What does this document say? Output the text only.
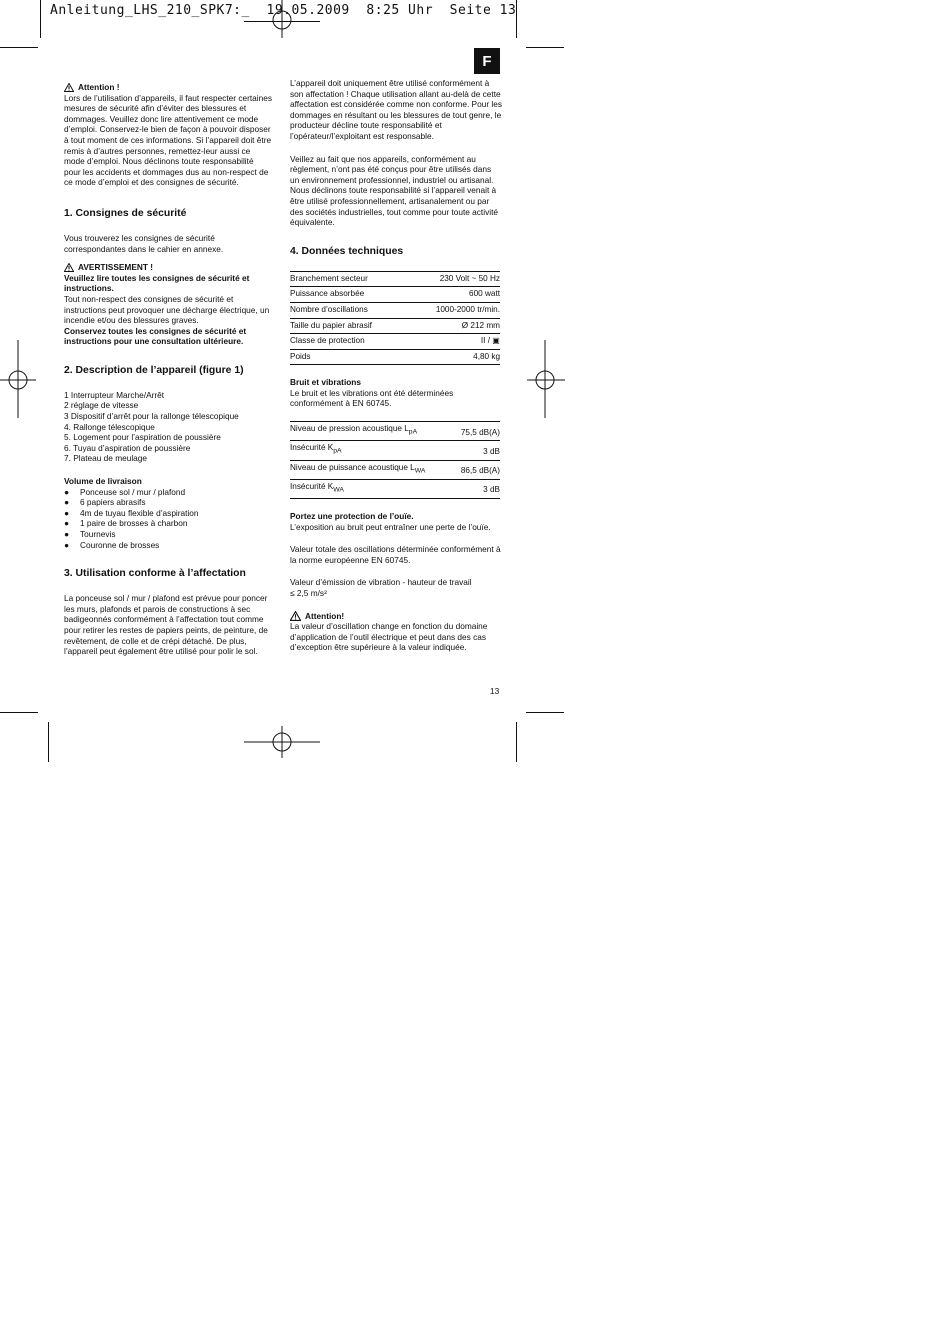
Anleitung_LHS_210_SPK7:_  19.05.2009  8:25 Uhr  Seite 13
F
Attention !

Lors de l’utilisation d’appareils, il faut respecter certaines mesures de sécurité afin d’éviter des blessures et dommages. Veuillez donc lire attentivement ce mode d’emploi. Conservez-le bien de façon à pouvoir disposer à tout moment de ces informations. Si l’appareil doit être remis à d’autres personnes, remettez-leur aussi ce mode d’emploi. Nous déclinons toute responsabilité pour les accidents et dommages dus au non-respect de ce mode d’emploi et des consignes de sécurité.

1. Consignes de sécurité

Vous trouverez les consignes de sécurité correspondantes dans le cahier en annexe.

AVERTISSEMENT !

Veuillez lire toutes les consignes de sécurité et instructions.

Tout non-respect des consignes de sécurité et instructions peut provoquer une décharge électrique, un incendie et/ou des blessures graves.

Conservez toutes les consignes de sécurité et instructions pour une consultation ultérieure.

2. Description de l’appareil (figure 1)
1 Interrupteur Marche/Arrêt
2 réglage de vitesse
3 Dispositif d’arrêt pour la rallonge télescopique
4. Rallonge télescopique
5. Logement pour l’aspiration de poussière
6. Tuyau d’aspiration de poussière
7. Plateau de meulage

Volume de livraison

●	Ponceuse sol / mur / plafond
●	6 papiers abrasifs
●	4m de tuyau flexible d’aspiration
●	1 paire de brosses à charbon
●	Tournevis
●	Couronne de brosses
3. Utilisation conforme à l’affectation

La ponceuse sol / mur / plafond est prévue pour poncer les murs, plafonds et parois de constructions à sec badigeonnés conformément à l’affectation tout comme pour retirer les restes de papiers peints, de peinture, de revêtement, de colle et de crépi détaché. De plus, l’appareil peut également être utilisé pour polir le sol.

L’appareil doit uniquement être utilisé conformément à son affectation ! Chaque utilisation allant au-delà de cette affectation est considérée comme non conforme. Pour les dommages en résultant ou les blessures de tout genre, le producteur décline toute responsabilité et l’opérateur/l’exploitant est responsable.

Veillez au fait que nos appareils, conformément au règlement, n’ont pas été conçus pour être utilisés dans un environnement professionnel, industriel ou artisanal.

Nous déclinons toute responsabilité si l’appareil venait à être utilisé professionnellement, artisanalement ou par des sociétés industrielles, tout comme pour toute activité équivalente.

4. Données techniques
Branchement secteur	230 Volt ~ 50 Hz
Puissance absorbée	600 watt
Nombre d’oscillations	1000-2000 tr/min.
Taille du papier abrasif	Ø 212 mm
Classe de protection	II / ▣
Poids	4,80 kg

Bruit et vibrations

Le bruit et les vibrations ont été déterminées conformément à EN 60745.

Niveau de pression acoustique $L_{pA}$	75,5 dB(A)
Insécurité $K_{pA}$	3 dB
Niveau de puissance acoustique $L_{WA}$	86,5 dB(A)
Insécurité $K_{WA}$	3 dB

Portez une protection de l’ouïe.

L’exposition au bruit peut entraîner une perte de l’ouïe.

Valeur totale des oscillations déterminée conformément à la norme européenne EN 60745.

Valeur d’émission de vibration - hauteur de travail

≤ 2,5 m/s²

Attention!

La valeur d’oscillation change en fonction du domaine d’application de l’outil électrique et peut dans des cas d’exception être supérieure à la valeur indiquée.

13
